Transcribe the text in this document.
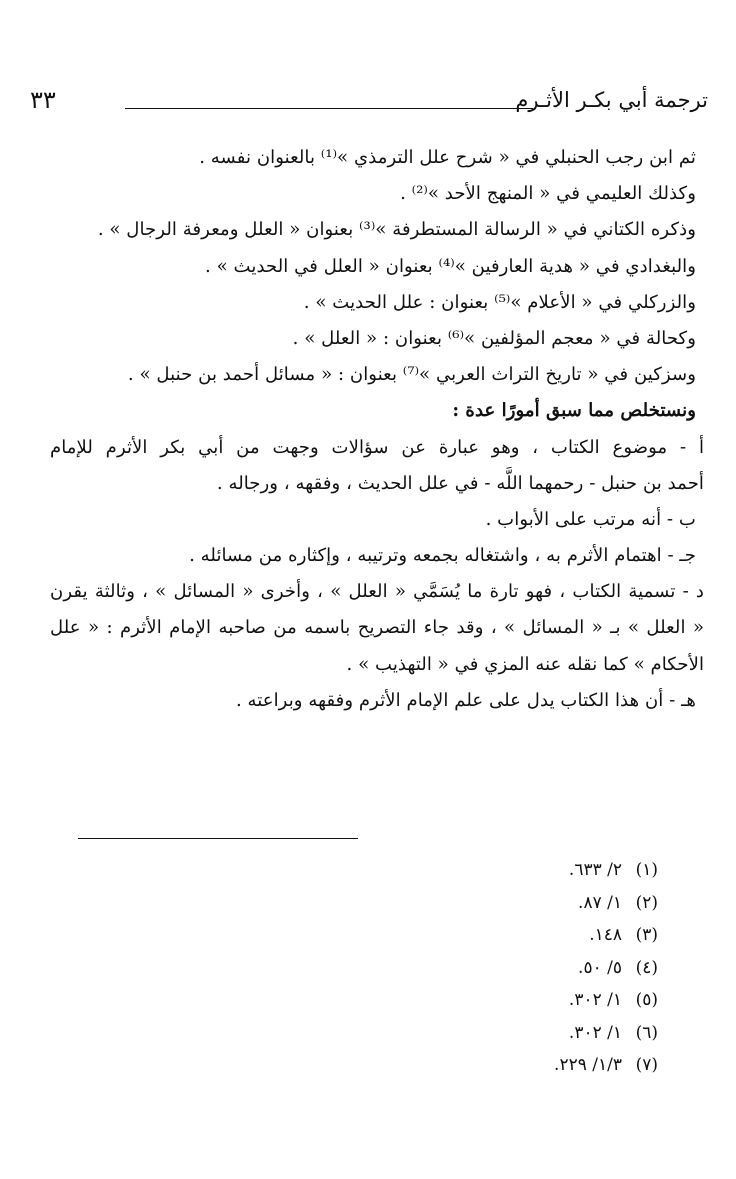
ترجمة أبي بكـر الأثـرم
٣٣
ثم ابن رجب الحنبلي في « شرح علل الترمذي »⁽¹⁾ بالعنوان نفسه .
وكذلك العليمي في « المنهج الأحد »⁽²⁾ .
وذكره الكتاني في « الرسالة المستطرفة »⁽³⁾ بعنوان « العلل ومعرفة الرجال » .
والبغدادي في « هدية العارفين »⁽⁴⁾ بعنوان « العلل في الحديث » .
والزركلي في « الأعلام »⁽⁵⁾ بعنوان : علل الحديث » .
وكحالة في « معجم المؤلفين »⁽⁶⁾ بعنوان : « العلل » .
وسزكين في « تاريخ التراث العربي »⁽⁷⁾ بعنوان : « مسائل أحمد بن حنبل » .
ونستخلص مما سبق أمورًا عدة :
أ - موضوع الكتاب ، وهو عبارة عن سؤالات وجهت من أبي بكر الأثرم للإمام
أحمد بن حنبل - رحمهما اللَّه - في علل الحديث ، وفقهه ، ورجاله .
ب - أنه مرتب على الأبواب .
جـ - اهتمام الأثرم به ، واشتغاله بجمعه وترتيبه ، وإكثاره من مسائله .
د - تسمية الكتاب ، فهو تارة ما يُسَمَّي « العلل » ، وأخرى « المسائل » ، وثالثة يقرن
« العلل » بـ « المسائل » ، وقد جاء التصريح باسمه من صاحبه الإمام الأثرم : « علل
الأحكام » كما نقله عنه المزي في « التهذيب » .
هـ - أن هذا الكتاب يدل على علم الإمام الأثرم وفقهه وبراعته .
(١)٢/ ٦٣٣.
(٢)١/ ٨٧.
(٣)١٤٨.
(٤)٥/ ٥٠.
(٥)١/ ٣٠٢.
(٦)١/ ٣٠٢.
(٧)١/٣/ ٢٢٩.
